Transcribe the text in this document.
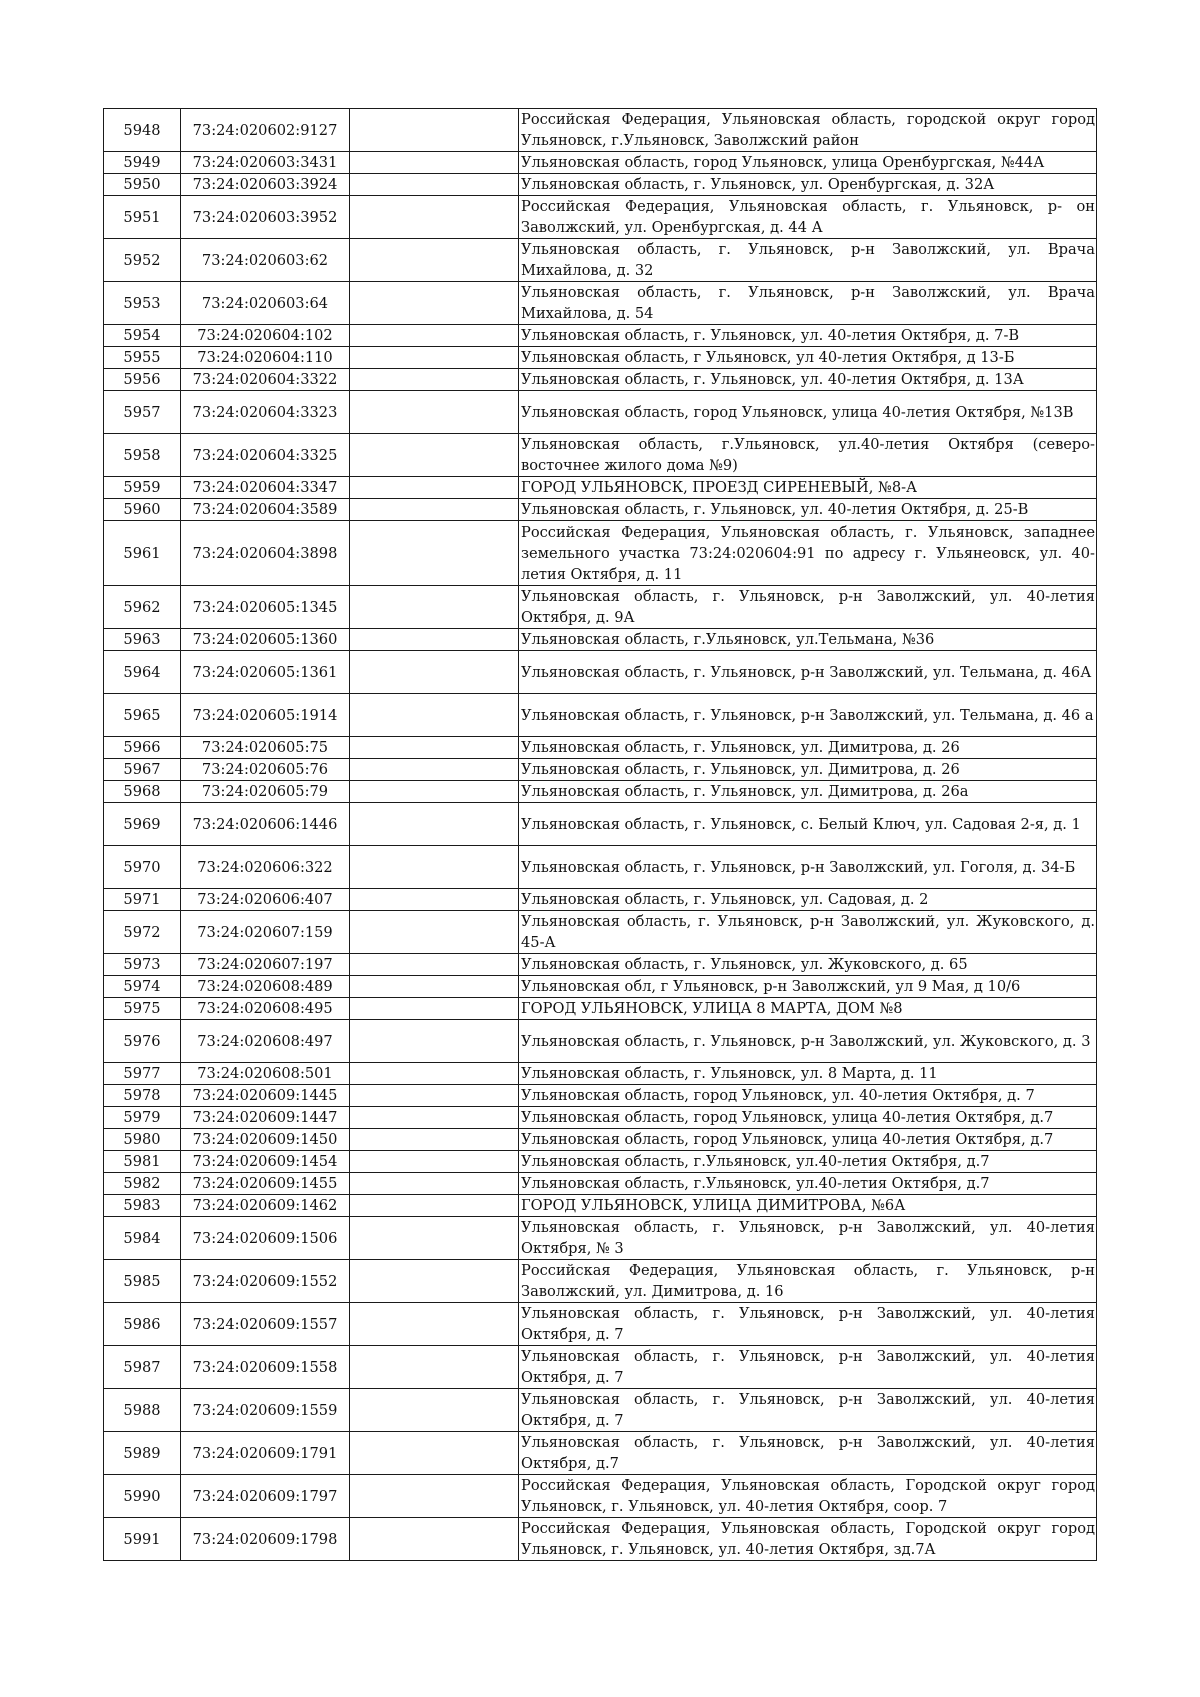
5948	73:24:020602:9127		Российская Федерация, Ульяновская область, городской округ город Ульяновск, г.Ульяновск, Заволжский район
5949	73:24:020603:3431		Ульяновская область, город Ульяновск, улица Оренбургская, №44А
5950	73:24:020603:3924		Ульяновская область, г. Ульяновск, ул. Оренбургская, д. 32А
5951	73:24:020603:3952		Российская Федерация, Ульяновская область, г. Ульяновск, р- он Заволжский, ул. Оренбургская, д. 44 А
5952	73:24:020603:62		Ульяновская область, г. Ульяновск, р-н Заволжский, ул. Врача Михайлова, д. 32
5953	73:24:020603:64		Ульяновская область, г. Ульяновск, р-н Заволжский, ул. Врача Михайлова, д. 54
5954	73:24:020604:102		Ульяновская область, г. Ульяновск, ул. 40-летия Октября, д. 7-В
5955	73:24:020604:110		Ульяновская область, г Ульяновск, ул 40-летия Октября, д 13-Б
5956	73:24:020604:3322		Ульяновская область, г. Ульяновск, ул. 40-летия Октября, д. 13А
5957	73:24:020604:3323		Ульяновская область, город Ульяновск, улица 40-летия Октября, №13В
5958	73:24:020604:3325		Ульяновская область, г.Ульяновск, ул.40-летия Октября (северо-восточнее жилого дома №9)
5959	73:24:020604:3347		ГОРОД УЛЬЯНОВСК, ПРОЕЗД СИРЕНЕВЫЙ, №8-А
5960	73:24:020604:3589		Ульяновская область, г. Ульяновск, ул. 40-летия Октября, д. 25-В
5961	73:24:020604:3898		Российская Федерация, Ульяновская область, г. Ульяновск, западнее земельного участка 73:24:020604:91 по адресу г. Ульянеовск, ул. 40-летия Октября, д. 11
5962	73:24:020605:1345		Ульяновская область, г. Ульяновск, р-н Заволжский, ул. 40-летия Октября, д. 9А
5963	73:24:020605:1360		Ульяновская область, г.Ульяновск, ул.Тельмана, №36
5964	73:24:020605:1361		Ульяновская область, г. Ульяновск, р-н Заволжский, ул. Тельмана, д. 46А
5965	73:24:020605:1914		Ульяновская область, г. Ульяновск, р-н Заволжский, ул. Тельмана, д. 46 а
5966	73:24:020605:75		Ульяновская область, г. Ульяновск, ул. Димитрова, д. 26
5967	73:24:020605:76		Ульяновская область, г. Ульяновск, ул. Димитрова, д. 26
5968	73:24:020605:79		Ульяновская область, г. Ульяновск, ул. Димитрова, д. 26а
5969	73:24:020606:1446		Ульяновская область, г. Ульяновск, с. Белый Ключ, ул. Садовая 2-я, д. 1
5970	73:24:020606:322		Ульяновская область, г. Ульяновск, р-н Заволжский, ул. Гоголя, д. 34-Б
5971	73:24:020606:407		Ульяновская область, г. Ульяновск, ул. Садовая, д. 2
5972	73:24:020607:159		Ульяновская область, г. Ульяновск, р-н Заволжский, ул. Жуковского, д. 45-А
5973	73:24:020607:197		Ульяновская область, г. Ульяновск, ул. Жуковского, д. 65
5974	73:24:020608:489		Ульяновская обл, г Ульяновск, р-н Заволжский, ул 9 Мая, д 10/6
5975	73:24:020608:495		ГОРОД УЛЬЯНОВСК, УЛИЦА 8 МАРТА, ДОМ №8
5976	73:24:020608:497		Ульяновская область, г. Ульяновск, р-н Заволжский, ул. Жуковского, д. 3
5977	73:24:020608:501		Ульяновская область, г. Ульяновск, ул. 8 Марта, д. 11
5978	73:24:020609:1445		Ульяновская область, город Ульяновск, ул. 40-летия Октября, д. 7
5979	73:24:020609:1447		Ульяновская область, город Ульяновск, улица 40-летия Октября, д.7
5980	73:24:020609:1450		Ульяновская область, город Ульяновск, улица 40-летия Октября, д.7
5981	73:24:020609:1454		Ульяновская область, г.Ульяновск, ул.40-летия Октября, д.7
5982	73:24:020609:1455		Ульяновская область, г.Ульяновск, ул.40-летия Октября, д.7
5983	73:24:020609:1462		ГОРОД УЛЬЯНОВСК, УЛИЦА ДИМИТРОВА, №6А
5984	73:24:020609:1506		Ульяновская область, г. Ульяновск, р-н Заволжский, ул. 40-летия Октября, № 3
5985	73:24:020609:1552		Российская Федерация, Ульяновская область, г. Ульяновск, р-н Заволжский, ул. Димитрова, д. 16
5986	73:24:020609:1557		Ульяновская область, г. Ульяновск, р-н Заволжский, ул. 40-летия Октября, д. 7
5987	73:24:020609:1558		Ульяновская область, г. Ульяновск, р-н Заволжский, ул. 40-летия Октября, д. 7
5988	73:24:020609:1559		Ульяновская область, г. Ульяновск, р-н Заволжский, ул. 40-летия Октября, д. 7
5989	73:24:020609:1791		Ульяновская область, г. Ульяновск, р-н Заволжский, ул. 40-летия Октября, д.7
5990	73:24:020609:1797		Российская Федерация, Ульяновская область, Городской округ город Ульяновск, г. Ульяновск, ул. 40-летия Октября, соор. 7
5991	73:24:020609:1798		Российская Федерация, Ульяновская область, Городской округ город Ульяновск, г. Ульяновск, ул. 40-летия Октября, зд.7А
